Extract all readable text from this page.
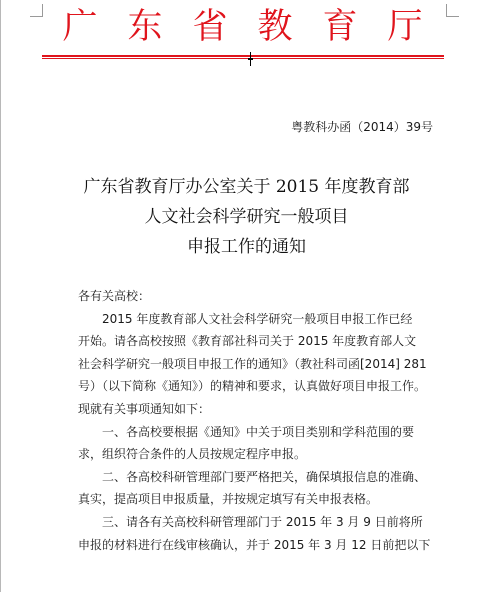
广东省教育厅
粤教科办函（2014）39号
广东省教育厅办公室关于 2015 年度教育部
人文社会科学研究一般项目
申报工作的通知
各有关高校：
2015 年度教育部人文社会科学研究一般项目申报工作已经
开始。请各高校按照《教育部社科司关于 2015 年度教育部人文
社会科学研究一般项目申报工作的通知》（教社科司函[2014] 281
号）（以下简称《通知》）的精神和要求，认真做好项目申报工作。
现就有关事项通知如下：
一、各高校要根据《通知》中关于项目类别和学科范围的要
求，组织符合条件的人员按规定程序申报。
二、各高校科研管理部门要严格把关，确保填报信息的准确、
真实，提高项目申报质量，并按规定填写有关申报表格。
三、请各有关高校科研管理部门于 2015 年 3 月 9 日前将所
申报的材料进行在线审核确认，并于 2015 年 3 月 12 日前把以下
